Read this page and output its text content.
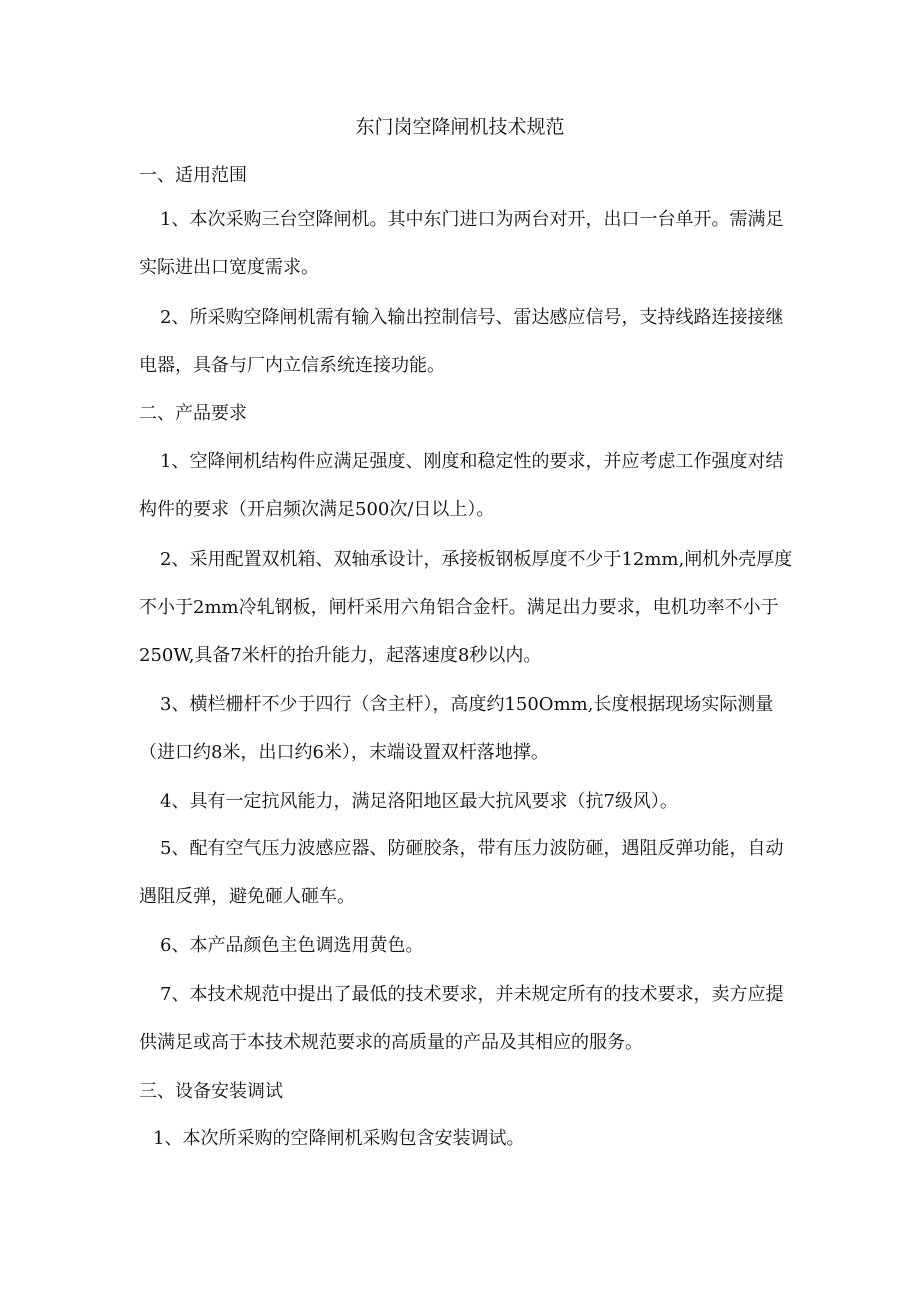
东门岗空降闸机技术规范
一、适用范围

1、本次采购三台空降闸机。其中东门进口为两台对开，出口一台单开。需满足实际进出口宽度需求。

2、所采购空降闸机需有输入输出控制信号、雷达感应信号，支持线路连接接继电器，具备与厂内立信系统连接功能。

二、产品要求

1、空降闸机结构件应满足强度、刚度和稳定性的要求，并应考虑工作强度对结构件的要求（开启频次满足500次/日以上）。

2、采用配置双机箱、双轴承设计，承接板钢板厚度不少于12mm,闸机外壳厚度不小于2mm冷轧钢板，闸杆采用六角铝合金杆。满足出力要求，电机功率不小于250W,具备7米杆的抬升能力，起落速度8秒以内。

3、横栏栅杆不少于四行（含主杆），高度约150Omm,长度根据现场实际测量（进口约8米，出口约6米），末端设置双杆落地撑。

4、具有一定抗风能力，满足洛阳地区最大抗风要求（抗7级风）。

5、配有空气压力波感应器、防砸胶条，带有压力波防砸，遇阻反弹功能，自动遇阻反弹，避免砸人砸车。

6、本产品颜色主色调选用黄色。

7、本技术规范中提出了最低的技术要求，并未规定所有的技术要求，卖方应提供满足或高于本技术规范要求的高质量的产品及其相应的服务。

三、设备安装调试

1、本次所采购的空降闸机采购包含安装调试。
